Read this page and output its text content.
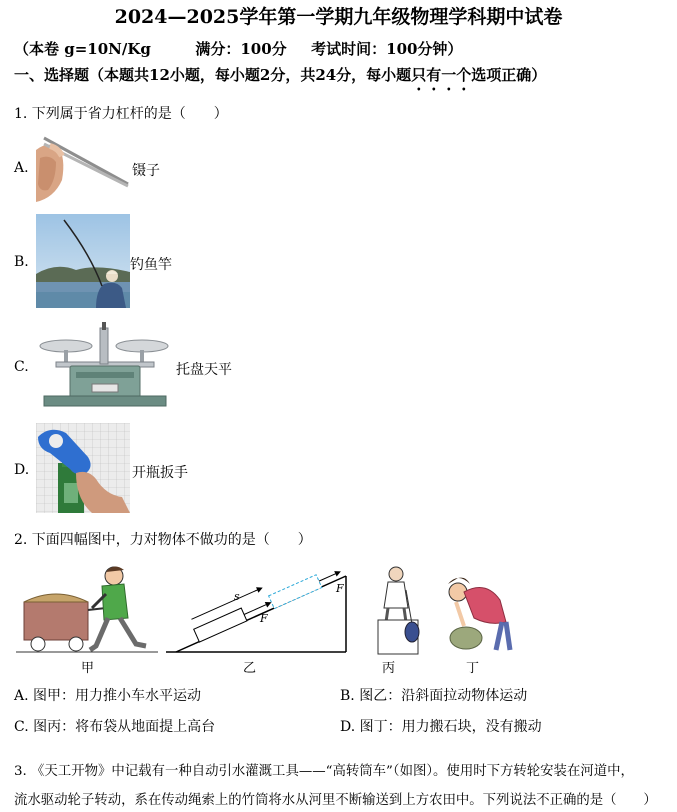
2024—2025学年第一学期九年级物理学科期中试卷
（本卷 g=10N/Kg	满分：100分 考试时间：100分钟）
一、选择题（本题共12小题，每小题2分，共24分，每小题只有一个选项正确）
1. 下列属于省力杠杆的是（　　）
A.	镊子
B.	钓鱼竿
C.	托盘天平
D.	开瓶扳手
2. 下面四幅图中，力对物体不做功的是（　　）
s
F
F
甲	乙	丙	丁
A. 图甲：用力推小车水平运动	B. 图乙：沿斜面拉动物体运动
C. 图丙：将布袋从地面提上高台	D. 图丁：用力搬石块，没有搬动
3. 《天工开物》中记载有一种自动引水灌溉工具——“高转筒车”（如图）。使用时下方转轮安装在河道中，
流水驱动轮子转动，系在传动绳索上的竹筒将水从河里不断输送到上方农田中。下列说法不正确的是（　　）
